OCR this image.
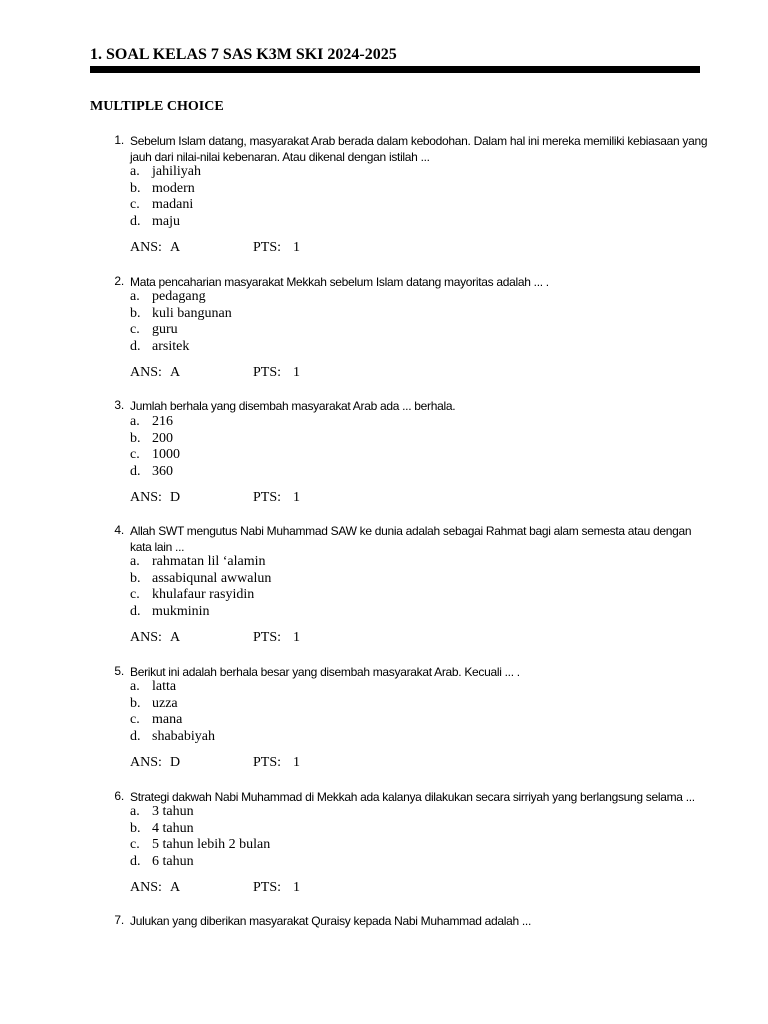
1. SOAL KELAS 7 SAS K3M SKI 2024-2025
MULTIPLE CHOICE
1. Sebelum Islam datang, masyarakat Arab berada dalam kebodohan. Dalam hal ini mereka memiliki kebiasaan yang jauh dari nilai-nilai kebenaran. Atau dikenal dengan istilah ...
a. jahiliyah
b. modern
c. madani
d. maju
ANS: A	PTS: 1
2. Mata pencaharian masyarakat Mekkah sebelum Islam datang mayoritas adalah ... .
a. pedagang
b. kuli bangunan
c. guru
d. arsitek
ANS: A	PTS: 1
3. Jumlah berhala yang disembah masyarakat Arab ada ... berhala.
a. 216
b. 200
c. 1000
d. 360
ANS: D	PTS: 1
4. Allah SWT mengutus Nabi Muhammad SAW ke dunia adalah sebagai Rahmat bagi alam semesta atau dengan kata lain ...
a. rahmatan lil ‘alamin
b. assabiqunal awwalun
c. khulafaur rasyidin
d. mukminin
ANS: A	PTS: 1
5. Berikut ini adalah berhala besar yang disembah masyarakat Arab. Kecuali ... .
a. latta
b. uzza
c. mana
d. shababiyah
ANS: D	PTS: 1
6. Strategi dakwah Nabi Muhammad di Mekkah ada kalanya dilakukan secara sirriyah yang berlangsung selama ...
a. 3 tahun
b. 4 tahun
c. 5 tahun lebih 2 bulan
d. 6 tahun
ANS: A	PTS: 1
7. Julukan yang diberikan masyarakat Quraisy kepada Nabi Muhammad adalah ...
